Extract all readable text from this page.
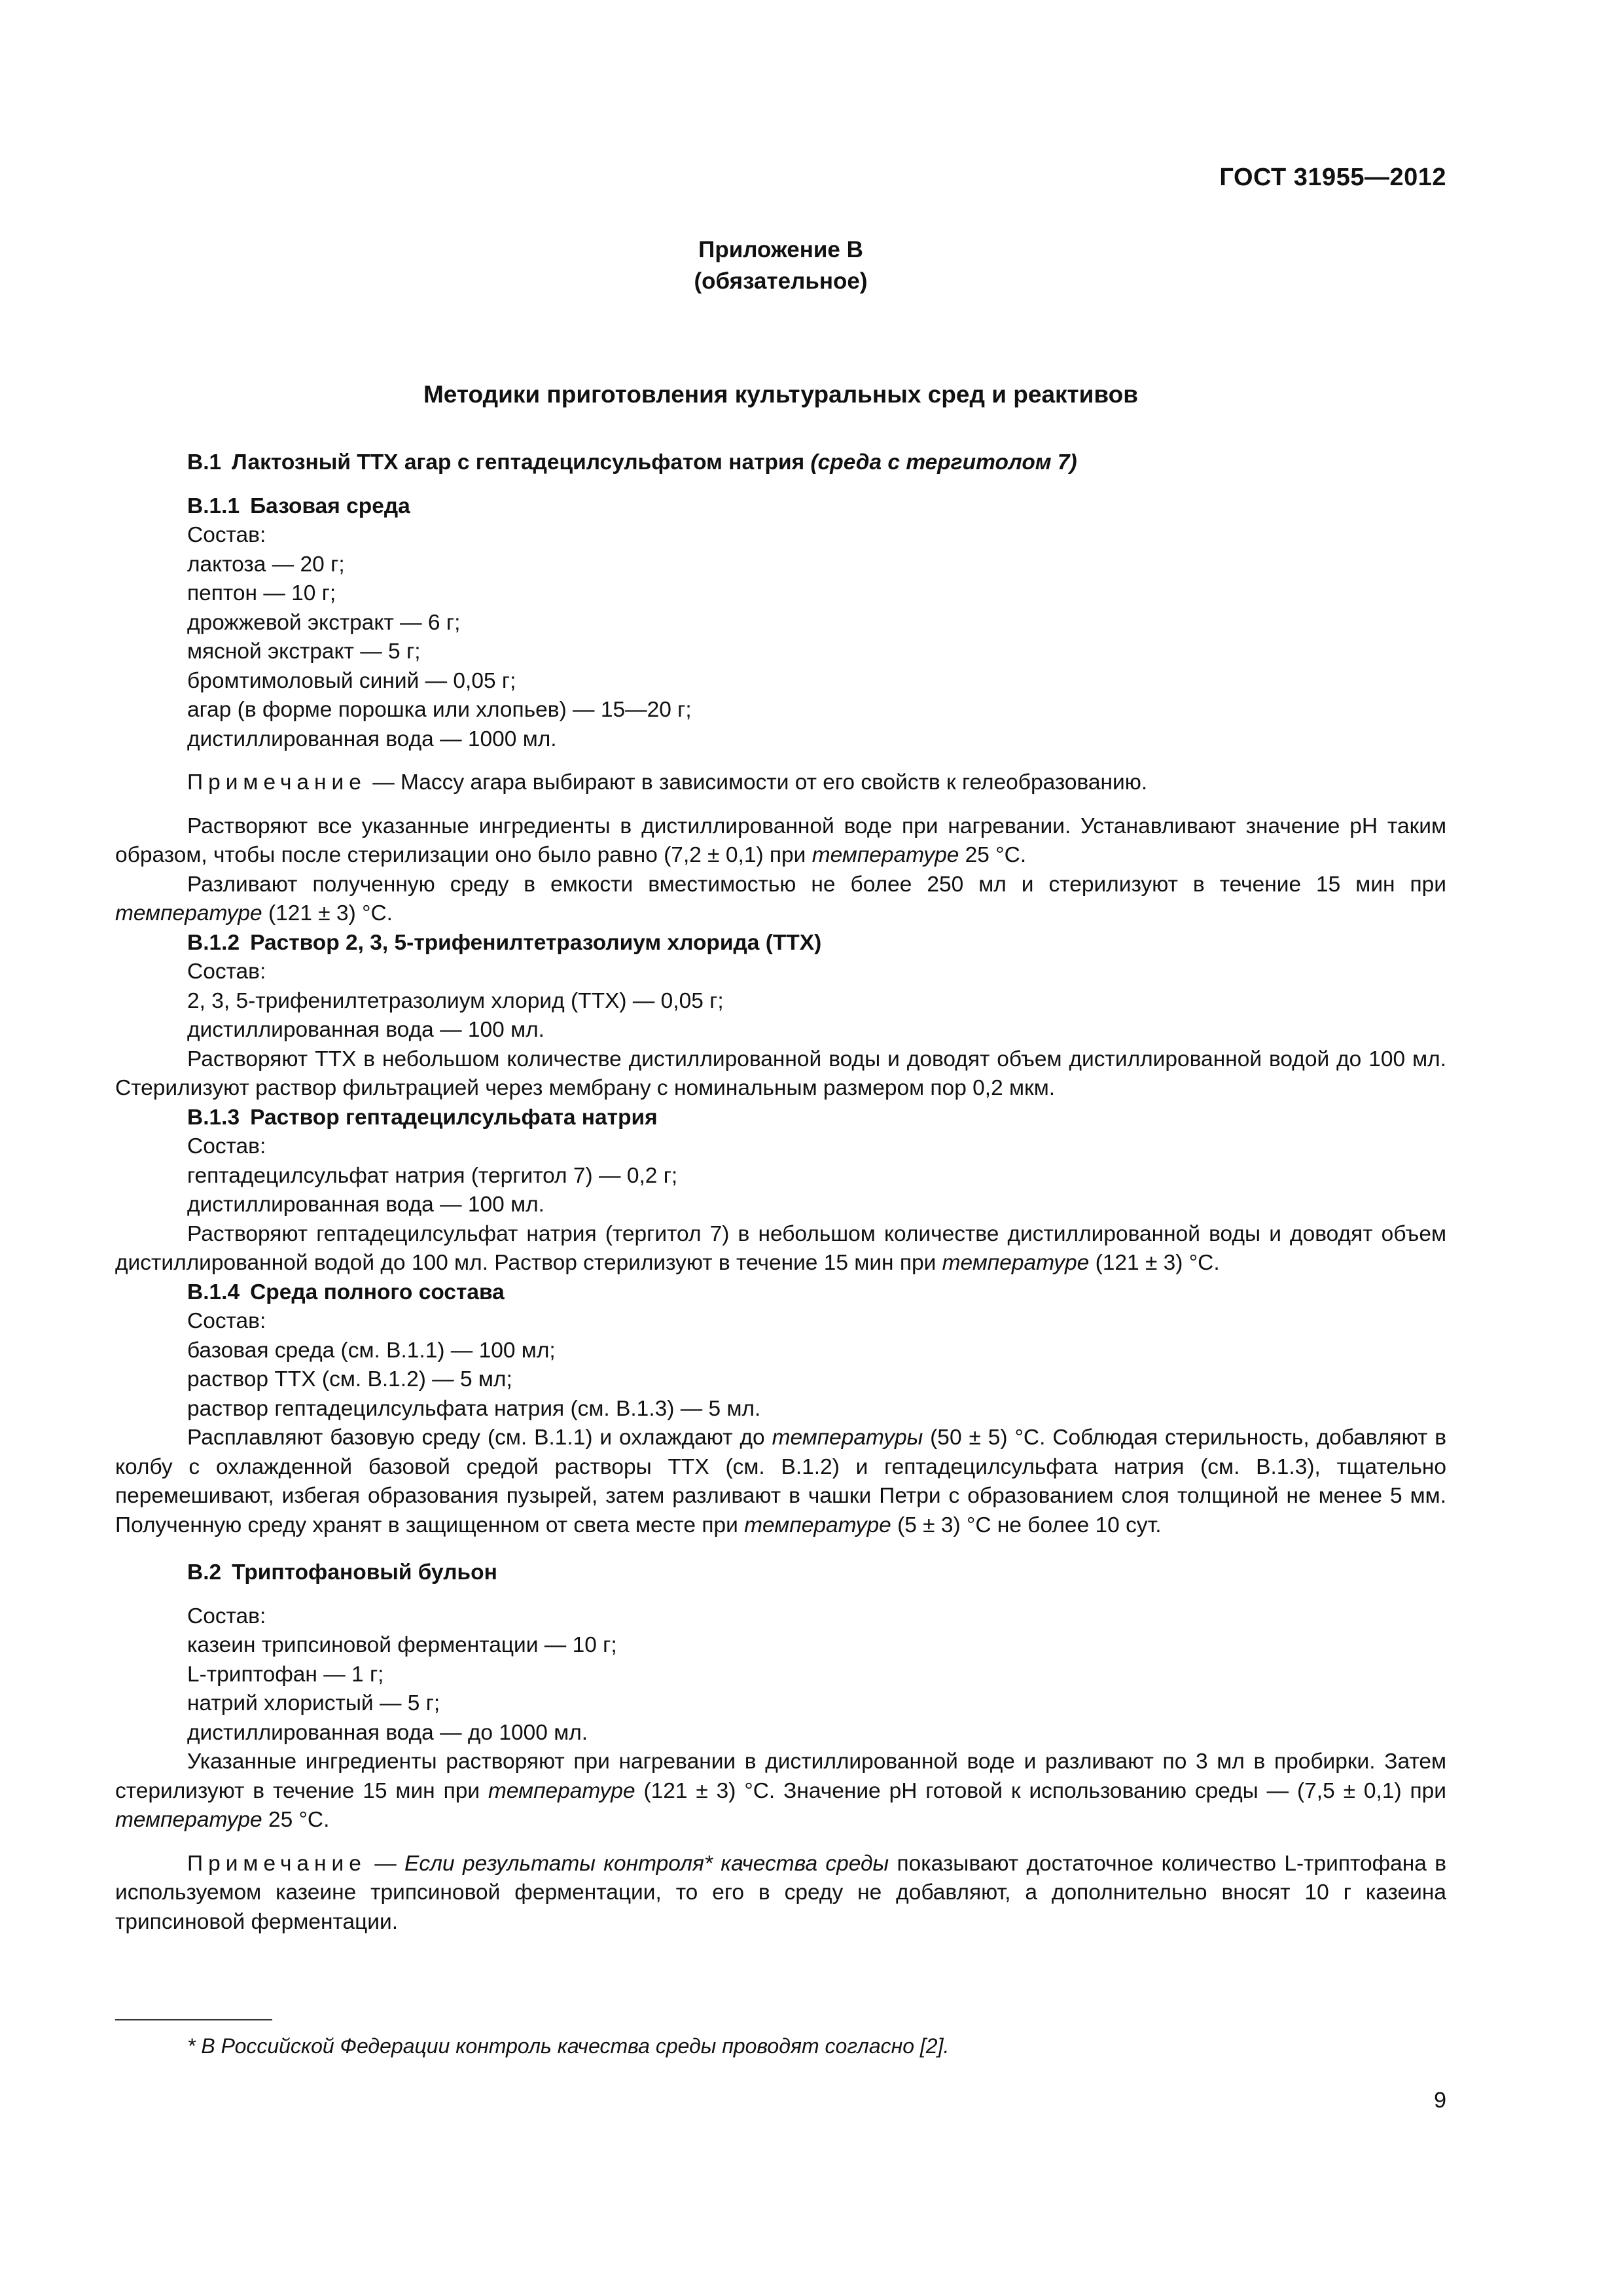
ГОСТ 31955—2012
Приложение В
(обязательное)
Методики приготовления культуральных сред и реактивов

В.1 Лактозный ТТХ агар с гептадецилсульфатом натрия (среда с тергитолом 7)

В.1.1 Базовая среда

Состав:

лактоза — 20 г;

пептон — 10 г;

дрожжевой экстракт — 6 г;

мясной экстракт — 5 г;

бромтимоловый синий — 0,05 г;

агар (в форме порошка или хлопьев) — 15—20 г;

дистиллированная вода — 1000 мл.

Примечание — Массу агара выбирают в зависимости от его свойств к гелеобразованию.

Растворяют все указанные ингредиенты в дистиллированной воде при нагревании. Устанавливают значение pH таким образом, чтобы после стерилизации оно было равно (7,2 ± 0,1) при температуре 25 °С.

Разливают полученную среду в емкости вместимостью не более 250 мл и стерилизуют в течение 15 мин при температуре (121 ± 3) °С.

В.1.2 Раствор 2, 3, 5-трифенилтетразолиум хлорида (ТТХ)

Состав:

2, 3, 5-трифенилтетразолиум хлорид (ТТХ) — 0,05 г;

дистиллированная вода — 100 мл.

Растворяют ТТХ в небольшом количестве дистиллированной воды и доводят объем дистиллированной водой до 100 мл. Стерилизуют раствор фильтрацией через мембрану с номинальным размером пор 0,2 мкм.

В.1.3 Раствор гептадецилсульфата натрия

Состав:

гептадецилсульфат натрия (тергитол 7) — 0,2 г;

дистиллированная вода — 100 мл.

Растворяют гептадецилсульфат натрия (тергитол 7) в небольшом количестве дистиллированной воды и доводят объем дистиллированной водой до 100 мл. Раствор стерилизуют в течение 15 мин при температуре (121 ± 3) °С.

В.1.4 Среда полного состава

Состав:

базовая среда (см. В.1.1) — 100 мл;

раствор ТТХ (см. В.1.2) — 5 мл;

раствор гептадецилсульфата натрия (см. В.1.3) — 5 мл.

Расплавляют базовую среду (см. В.1.1) и охлаждают до температуры (50 ± 5) °С. Соблюдая стерильность, добавляют в колбу с охлажденной базовой средой растворы ТТХ (см. В.1.2) и гептадецилсульфата натрия (см. В.1.3), тщательно перемешивают, избегая образования пузырей, затем разливают в чашки Петри с образованием слоя толщиной не менее 5 мм. Полученную среду хранят в защищенном от света месте при температуре (5 ± 3) °С не более 10 сут.

В.2 Триптофановый бульон

Состав:

казеин трипсиновой ферментации — 10 г;

L-триптофан — 1 г;

натрий хлористый — 5 г;

дистиллированная вода — до 1000 мл.

Указанные ингредиенты растворяют при нагревании в дистиллированной воде и разливают по 3 мл в пробирки. Затем стерилизуют в течение 15 мин при температуре (121 ± 3) °С. Значение pH готовой к использованию среды — (7,5 ± 0,1) при температуре 25 °С.

Примечание — Если результаты контроля* качества среды показывают достаточное количество L-триптофана в используемом казеине трипсиновой ферментации, то его в среду не добавляют, а дополнительно вносят 10 г казеина трипсиновой ферментации.

* В Российской Федерации контроль качества среды проводят согласно [2].
9
